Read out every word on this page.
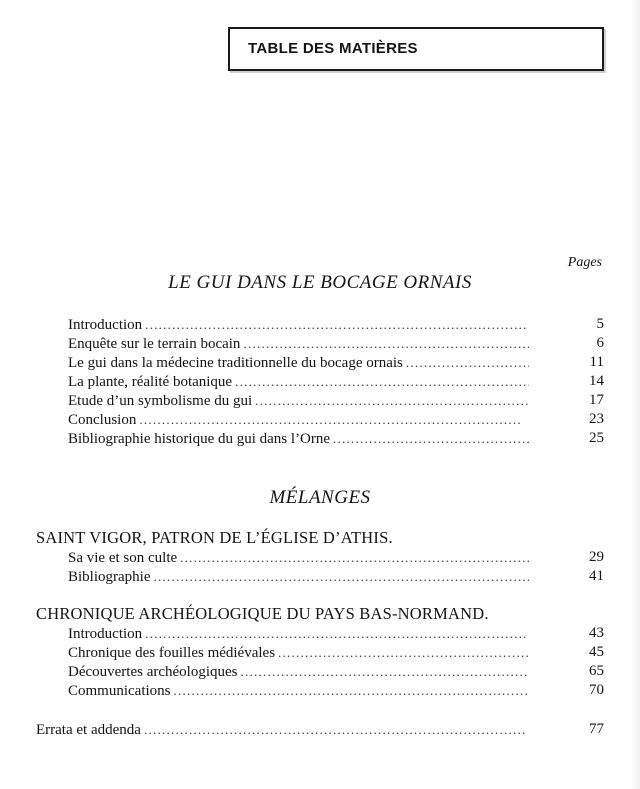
TABLE DES MATIÈRES
Pages
LE GUI DANS LE BOCAGE ORNAIS
Introduction . . .	5
Enquête sur le terrain bocain . . .	6
Le gui dans la médecine traditionnelle du bocage ornais . . .	11
La plante, réalité botanique . . .	14
Etude d’un symbolisme du gui . . .	17
Conclusion . . .	23
Bibliographie historique du gui dans l’Orne . . .	25
MÉLANGES
SAINT VIGOR, PATRON DE L’ÉGLISE D’ATHIS.
Sa vie et son culte . . .	29
Bibliographie . . .	41
CHRONIQUE ARCHÉOLOGIQUE DU PAYS BAS-NORMAND.
Introduction . . .	43
Chronique des fouilles médiévales . . .	45
Découvertes archéologiques . . .	65
Communications . . .	70
Errata et addenda . . .	77
